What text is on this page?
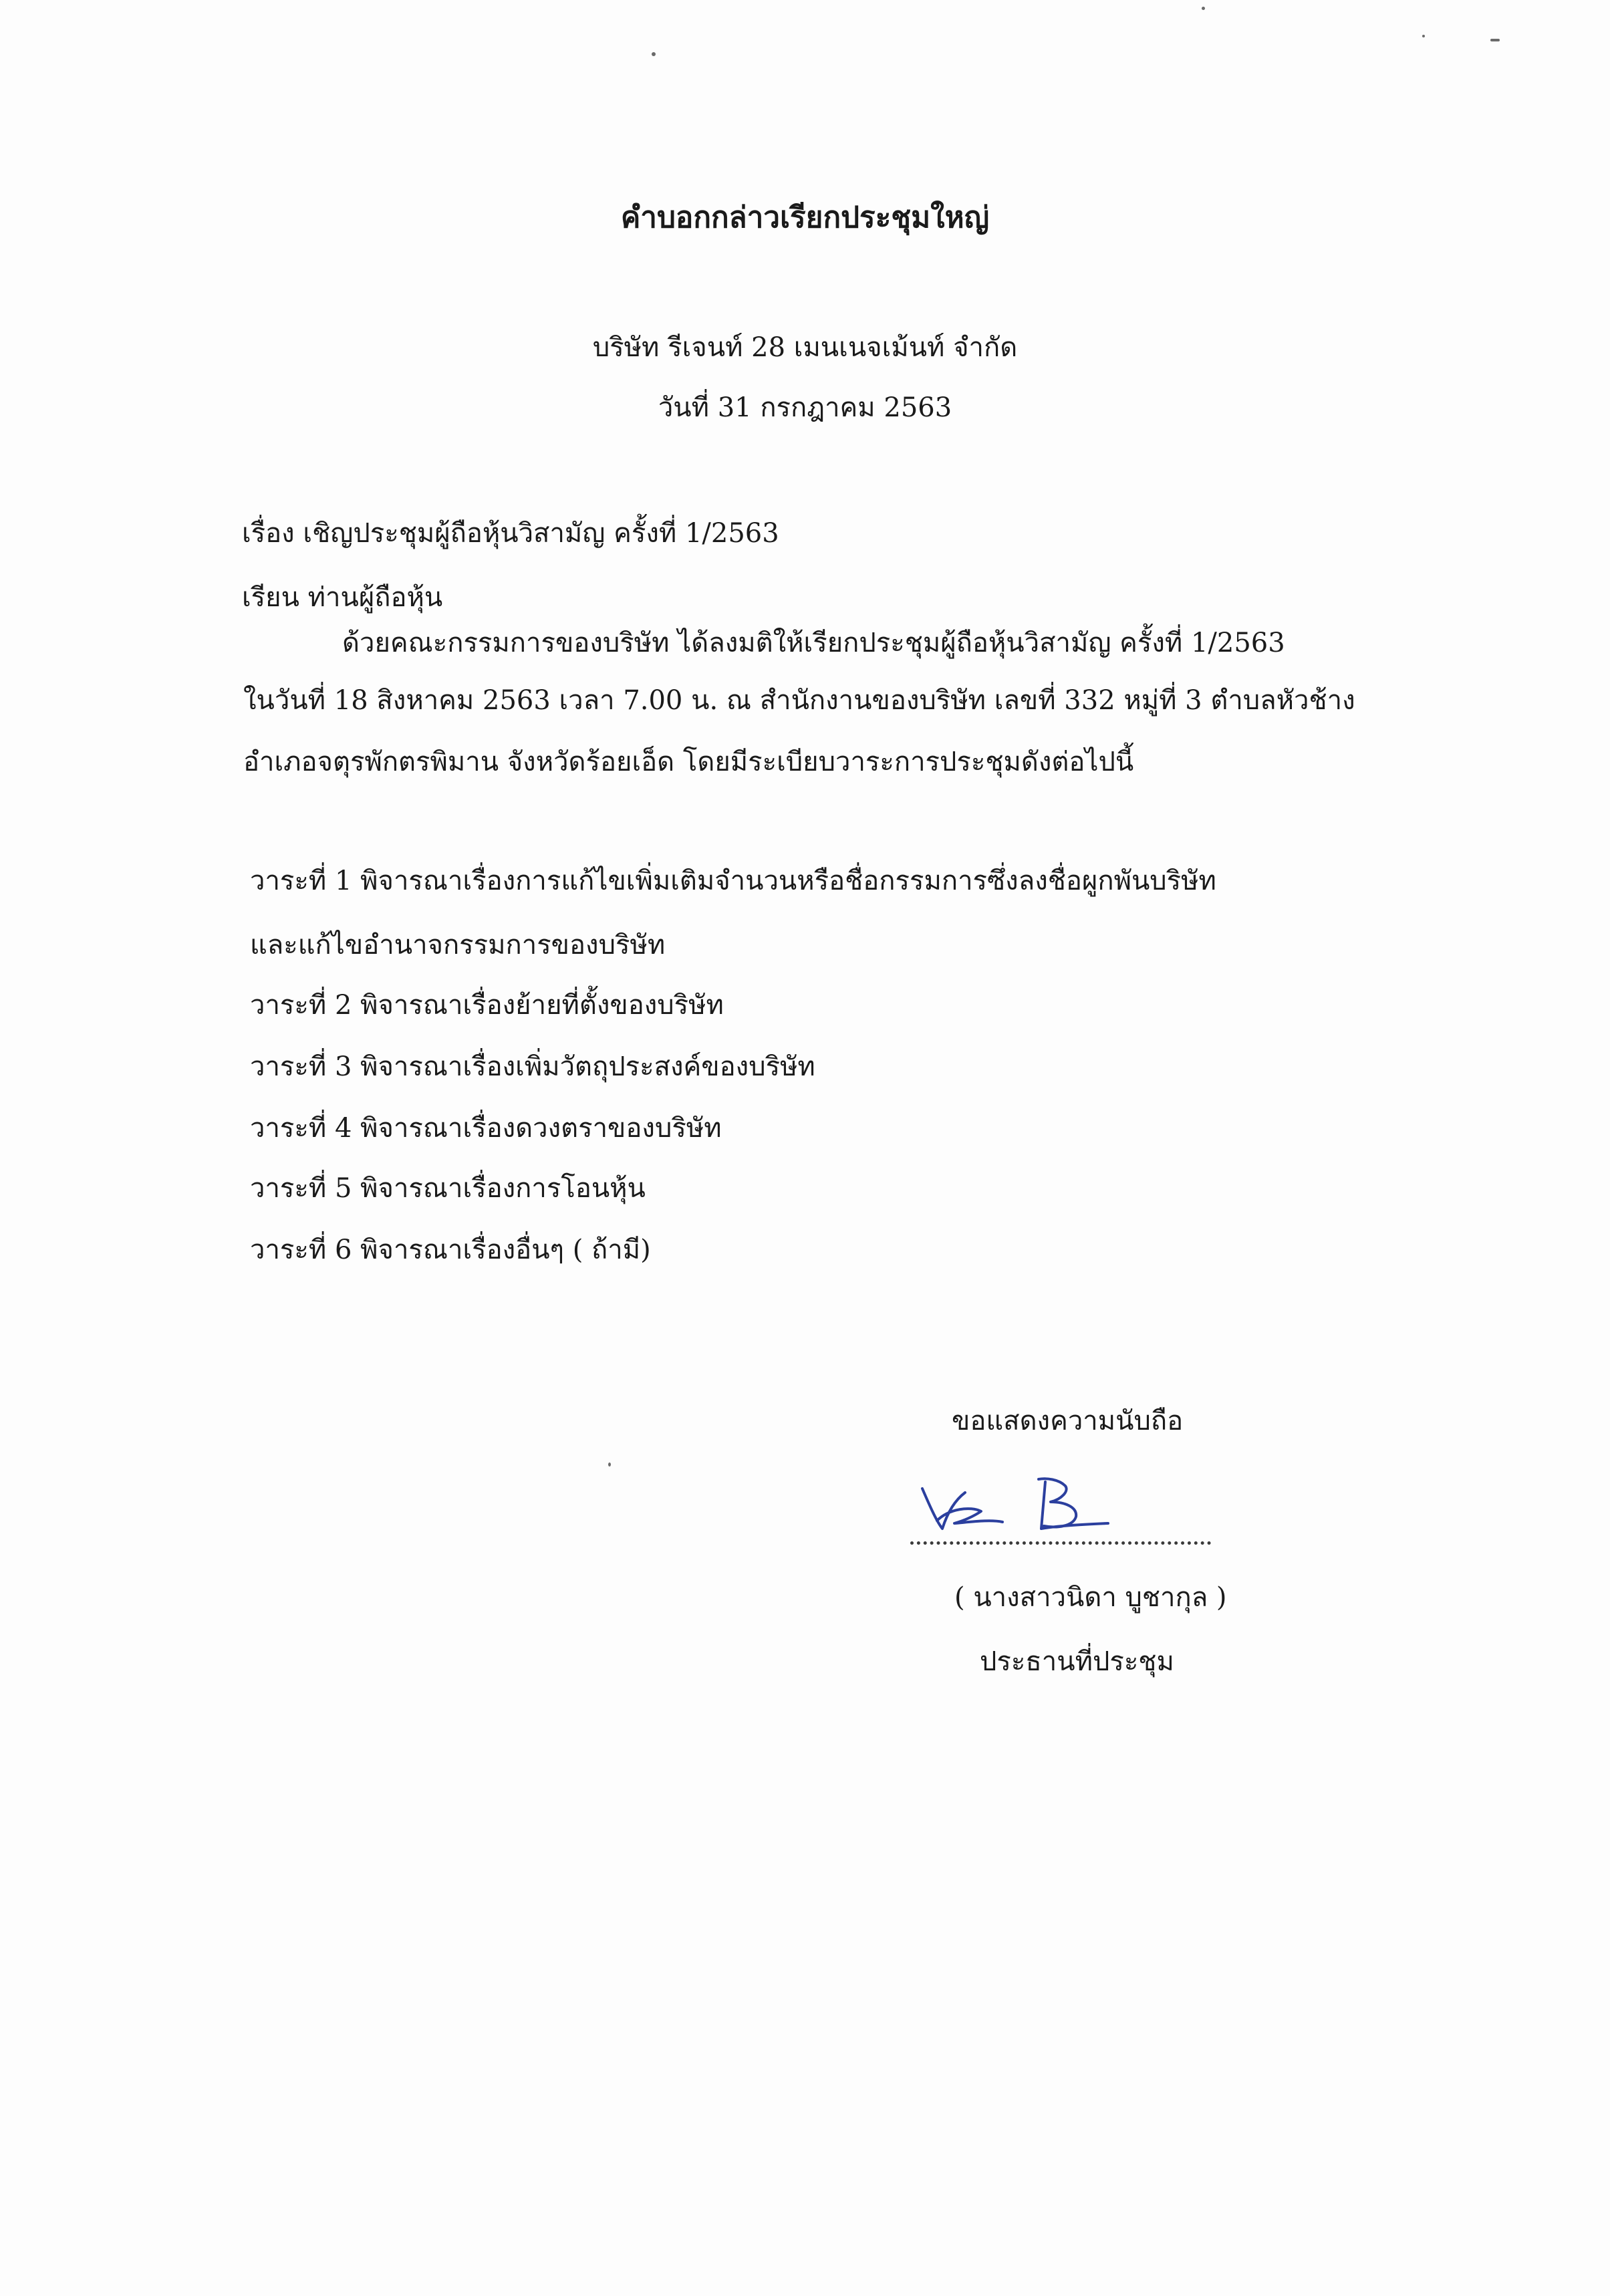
คำบอกกล่าวเรียกประชุมใหญ่
บริษัท รีเจนท์ 28 เมนเนจเม้นท์ จำกัด
วันที่ 31 กรกฎาคม 2563
เรื่อง เชิญประชุมผู้ถือหุ้นวิสามัญ ครั้งที่ 1/2563
เรียน ท่านผู้ถือหุ้น
ด้วยคณะกรรมการของบริษัท ได้ลงมติให้เรียกประชุมผู้ถือหุ้นวิสามัญ ครั้งที่ 1/2563
ในวันที่ 18 สิงหาคม 2563 เวลา 7.00 น. ณ สำนักงานของบริษัท เลขที่ 332 หมู่ที่ 3 ตำบลหัวช้าง
อำเภอจตุรพักตรพิมาน จังหวัดร้อยเอ็ด โดยมีระเบียบวาระการประชุมดังต่อไปนี้
วาระที่ 1 พิจารณาเรื่องการแก้ไขเพิ่มเติมจำนวนหรือชื่อกรรมการซึ่งลงชื่อผูกพันบริษัท
และแก้ไขอำนาจกรรมการของบริษัท
วาระที่ 2 พิจารณาเรื่องย้ายที่ตั้งของบริษัท
วาระที่ 3 พิจารณาเรื่องเพิ่มวัตถุประสงค์ของบริษัท
วาระที่ 4 พิจารณาเรื่องดวงตราของบริษัท
วาระที่ 5 พิจารณาเรื่องการโอนหุ้น
วาระที่ 6 พิจารณาเรื่องอื่นๆ ( ถ้ามี)
ขอแสดงความนับถือ
( นางสาวนิดา บูชากุล )
ประธานที่ประชุม
